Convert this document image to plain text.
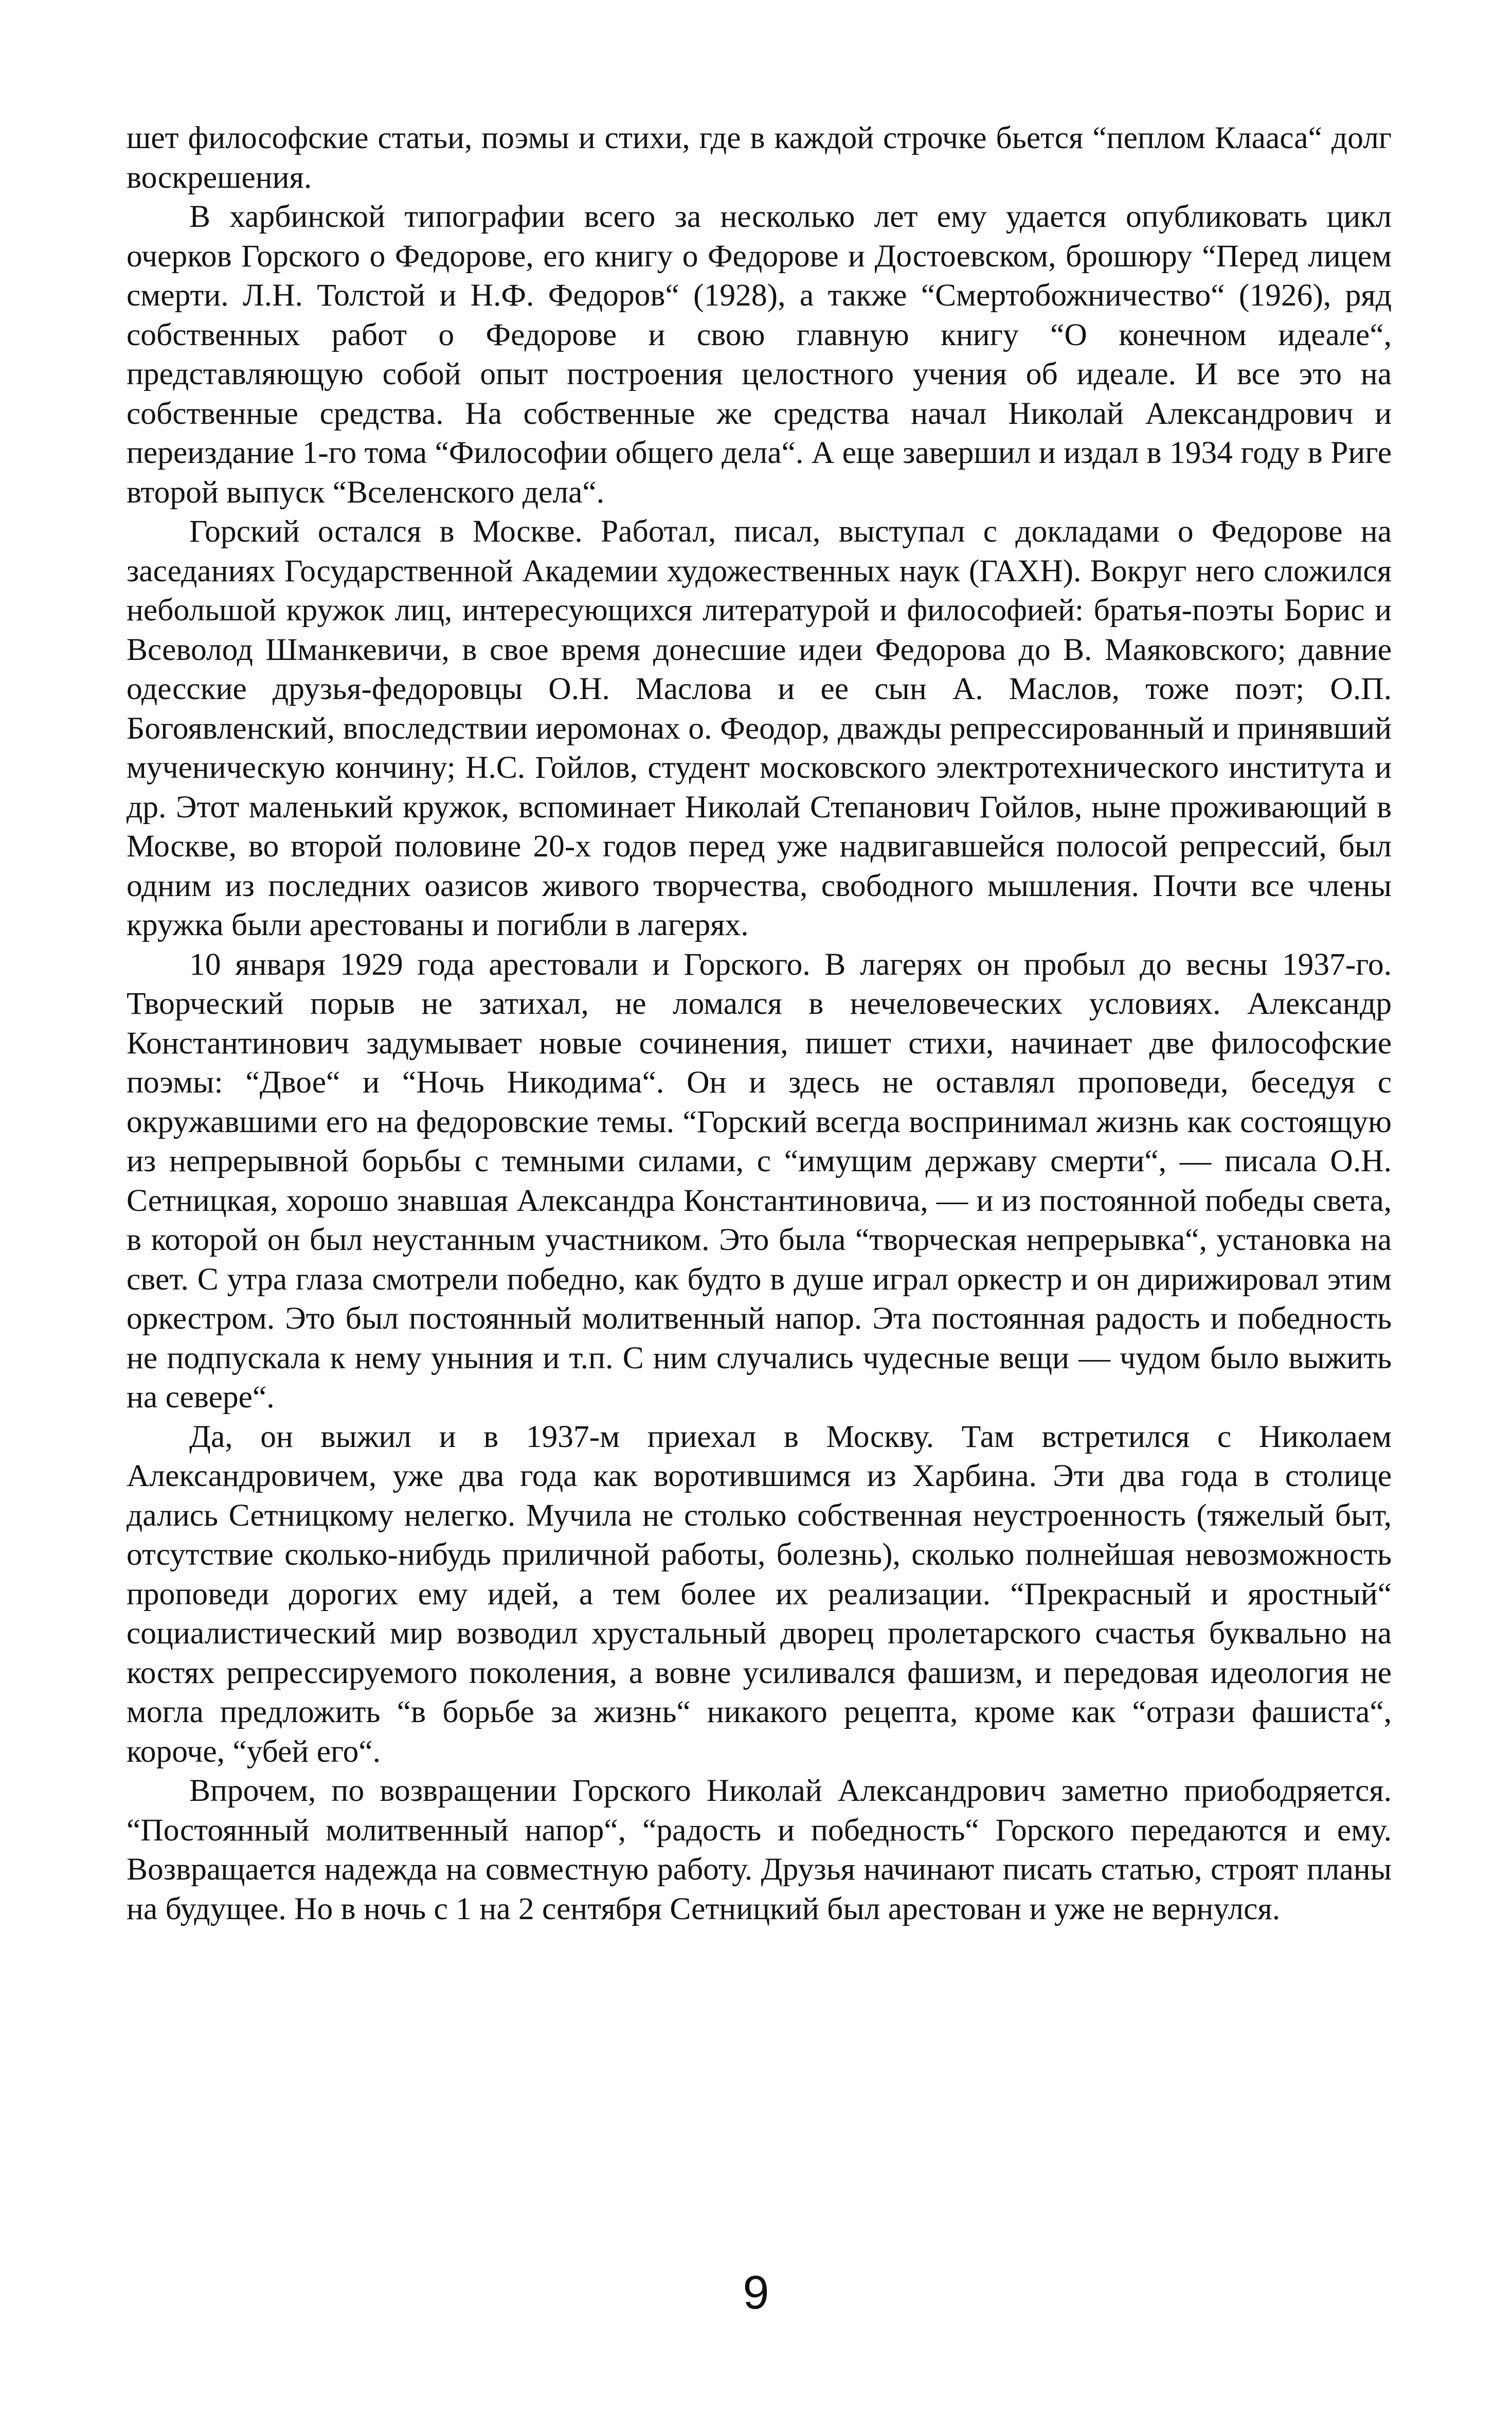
шет философские статьи, поэмы и стихи, где в каждой строчке бьется “пеплом Клааса“ долг воскрешения.

В харбинской типографии всего за несколько лет ему удается опубликовать цикл очерков Горского о Федорове, его книгу о Федорове и Достоевском, брошюру “Перед лицем смерти. Л.Н. Толстой и Н.Ф. Федоров“ (1928), а также “Смертобожничество“ (1926), ряд собственных работ о Федорове и свою главную книгу “О конечном идеале“, представляющую собой опыт построения целостного учения об идеале. И все это на собственные средства. На собственные же средства начал Николай Александрович и переиздание 1-го тома “Философии общего дела“. А еще завершил и издал в 1934 году в Риге второй выпуск “Вселенского дела“.

Горский остался в Москве. Работал, писал, выступал с докладами о Федорове на заседаниях Государственной Академии художественных наук (ГАХН). Вокруг него сложился небольшой кружок лиц, интересующихся литературой и философией: братья-поэты Борис и Всеволод Шманкевичи, в свое время донесшие идеи Федорова до В. Маяковского; давние одесские друзья-федоровцы О.Н. Маслова и ее сын А. Маслов, тоже поэт; О.П. Богоявленский, впоследствии иеромонах о. Феодор, дважды репрессированный и принявший мученическую кончину; Н.С. Гойлов, студент московского электротехнического института и др. Этот маленький кружок, вспоминает Николай Степанович Гойлов, ныне проживающий в Москве, во второй половине 20-х годов перед уже надвигавшейся полосой репрессий, был одним из последних оазисов живого творчества, свободного мышления. Почти все члены кружка были арестованы и погибли в лагерях.

10 января 1929 года арестовали и Горского. В лагерях он пробыл до весны 1937-го. Творческий порыв не затихал, не ломался в нечеловеческих условиях. Александр Константинович задумывает новые сочинения, пишет стихи, начинает две философские поэмы: “Двое“ и “Ночь Никодима“. Он и здесь не оставлял проповеди, беседуя с окружавшими его на федоровские темы. “Горский всегда воспринимал жизнь как состоящую из непрерывной борьбы с темными силами, с “имущим державу смерти“, — писала О.Н. Сетницкая, хорошо знавшая Александра Константиновича, — и из постоянной победы света, в которой он был неустанным участником. Это была “творческая непрерывка“, установка на свет. С утра глаза смотрели победно, как будто в душе играл оркестр и он дирижировал этим оркестром. Это был постоянный молитвенный напор. Эта постоянная радость и победность не подпускала к нему уныния и т.п. С ним случались чудесные вещи — чудом было выжить на севере“.

Да, он выжил и в 1937-м приехал в Москву. Там встретился с Николаем Александровичем, уже два года как воротившимся из Харбина. Эти два года в столице дались Сетницкому нелегко. Мучила не столько собственная неустроенность (тяжелый быт, отсутствие сколько-нибудь приличной работы, болезнь), сколько полнейшая невозможность проповеди дорогих ему идей, а тем более их реализации. “Прекрасный и яростный“ социалистический мир возводил хрустальный дворец пролетарского счастья буквально на костях репрессируемого поколения, а вовне усиливался фашизм, и передовая идеология не могла предложить “в борьбе за жизнь“ никакого рецепта, кроме как “отрази фашиста“, короче, “убей его“.

Впрочем, по возвращении Горского Николай Александрович заметно приободряется. “Постоянный молитвенный напор“, “радость и победность“ Горского передаются и ему. Возвращается надежда на совместную работу. Друзья начинают писать статью, строят планы на будущее. Но в ночь с 1 на 2 сентября Сетницкий был арестован и уже не вернулся.

9
